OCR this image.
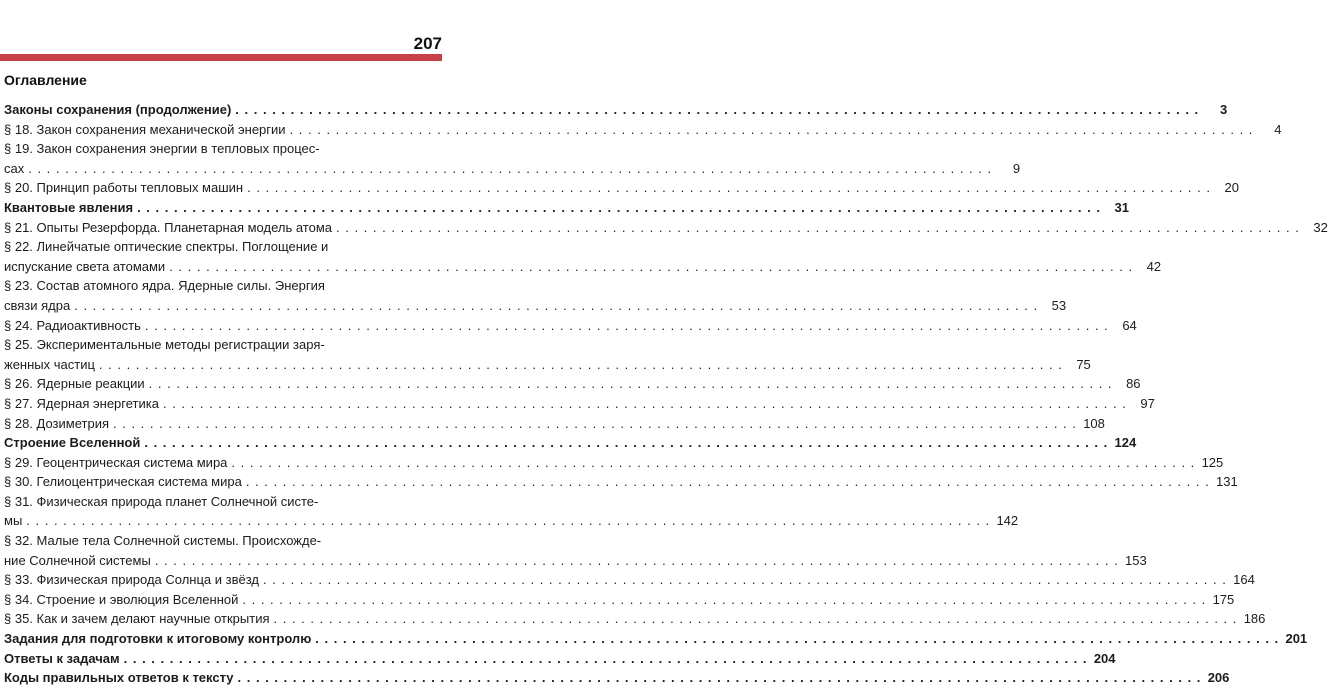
207
Оглавление
Законы сохранения (продолжение) . . .	3
§ 18. Закон сохранения механической энергии . . .	4
§ 19. Закон сохранения энергии в тепловых процес-
сах . . .	9
§ 20. Принцип работы тепловых машин . . .	20
Квантовые явления . . .	31
§ 21. Опыты Резерфорда. Планетарная модель атома . . .	32
§ 22. Линейчатые оптические спектры. Поглощение и
испускание света атомами . . .	42
§ 23. Состав атомного ядра. Ядерные силы. Энергия
связи ядра . . .	53
§ 24. Радиоактивность . . .	64
§ 25. Экспериментальные методы регистрации заря-
женных частиц . . .	75
§ 26. Ядерные реакции . . .	86
§ 27. Ядерная энергетика . . .	97
§ 28. Дозиметрия . . .	108
Строение Вселенной . . .	124
§ 29. Геоцентрическая система мира . . .	125
§ 30. Гелиоцентрическая система мира . . .	131
§ 31. Физическая природа планет Солнечной систе-
мы . . .	142
§ 32. Малые тела Солнечной системы. Происхожде-
ние Солнечной системы . . .	153
§ 33. Физическая природа Солнца и звёзд . . .	164
§ 34. Строение и эволюция Вселенной . . .	175
§ 35. Как и зачем делают научные открытия . . .	186
Задания для подготовки к итоговому контролю . . .	201
Ответы к задачам . . .	204
Коды правильных ответов к тексту . . .	206
